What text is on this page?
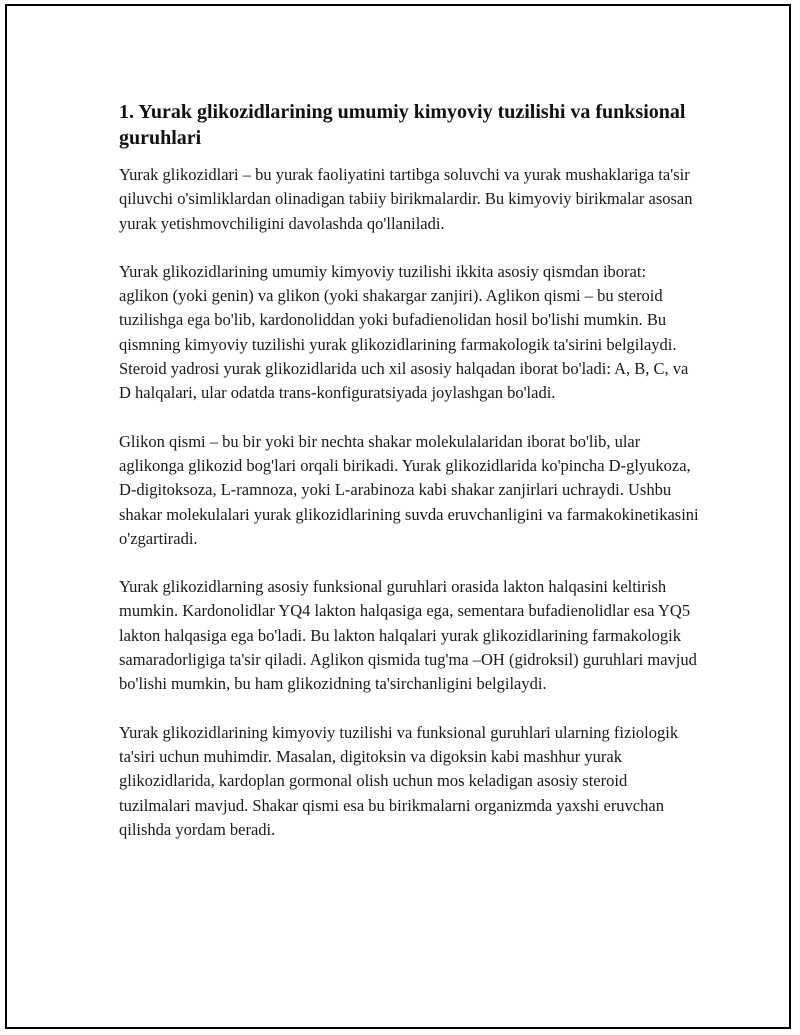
1. Yurak glikozidlarining umumiy kimyoviy tuzilishi va funksional guruhlari

Yurak glikozidlari – bu yurak faoliyatini tartibga soluvchi va yurak mushaklariga ta'sir qiluvchi o'simliklardan olinadigan tabiiy birikmalardir. Bu kimyoviy birikmalar asosan yurak yetishmovchiligini davolashda qo'llaniladi.

Yurak glikozidlarining umumiy kimyoviy tuzilishi ikkita asosiy qismdan iborat: aglikon (yoki genin) va glikon (yoki shakargar zanjiri). Aglikon qismi – bu steroid tuzilishga ega bo'lib, kardonoliddan yoki bufadienolidan hosil bo'lishi mumkin. Bu qismning kimyoviy tuzilishi yurak glikozidlarining farmakologik ta'sirini belgilaydi. Steroid yadrosi yurak glikozidlarida uch xil asosiy halqadan iborat bo'ladi: A, B, C, va D halqalari, ular odatda trans-konfiguratsiyada joylashgan bo'ladi.

Glikon qismi – bu bir yoki bir nechta shakar molekulalaridan iborat bo'lib, ular aglikonga glikozid bog'lari orqali birikadi. Yurak glikozidlarida ko'pincha D-glyukoza, D-digitoksoza, L-ramnoza, yoki L-arabinoza kabi shakar zanjirlari uchraydi. Ushbu shakar molekulalari yurak glikozidlarining suvda eruvchanligini va farmakokinetikasini o'zgartiradi.

Yurak glikozidlarning asosiy funksional guruhlari orasida lakton halqasini keltirish mumkin. Kardonolidlar YQ4 lakton halqasiga ega, sementara bufadienolidlar esa YQ5 lakton halqasiga ega bo'ladi. Bu lakton halqalari yurak glikozidlarining farmakologik samaradorligiga ta'sir qiladi. Aglikon qismida tug'ma –OH (gidroksil) guruhlari mavjud bo'lishi mumkin, bu ham glikozidning ta'sirchanligini belgilaydi.

Yurak glikozidlarining kimyoviy tuzilishi va funksional guruhlari ularning fiziologik ta'siri uchun muhimdir. Masalan, digitoksin va digoksin kabi mashhur yurak glikozidlarida, kardoplan gormonal olish uchun mos keladigan asosiy steroid tuzilmalari mavjud. Shakar qismi esa bu birikmalarni organizmda yaxshi eruvchan qilishda yordam beradi.
